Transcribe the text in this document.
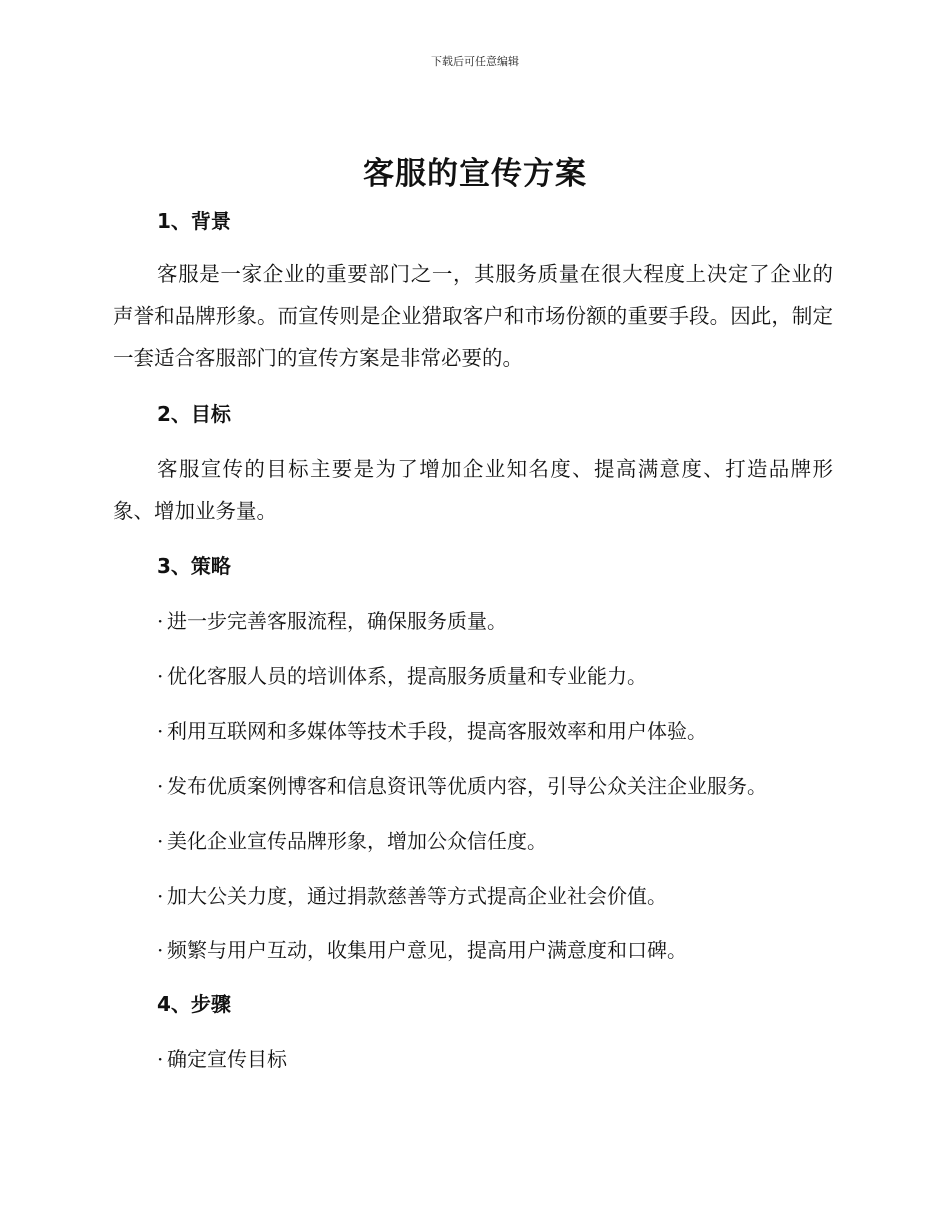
下载后可任意编辑
客服的宣传方案
1、背景

客服是一家企业的重要部门之一，其服务质量在很大程度上决定了企业的声誉和品牌形象。而宣传则是企业猎取客户和市场份额的重要手段。因此，制定一套适合客服部门的宣传方案是非常必要的。

2、目标

客服宣传的目标主要是为了增加企业知名度、提高满意度、打造品牌形象、增加业务量。

3、策略

· 进一步完善客服流程，确保服务质量。

· 优化客服人员的培训体系，提高服务质量和专业能力。

· 利用互联网和多媒体等技术手段，提高客服效率和用户体验。

· 发布优质案例博客和信息资讯等优质内容，引导公众关注企业服务。

· 美化企业宣传品牌形象，增加公众信任度。

· 加大公关力度，通过捐款慈善等方式提高企业社会价值。

· 频繁与用户互动，收集用户意见，提高用户满意度和口碑。

4、步骤

· 确定宣传目标
